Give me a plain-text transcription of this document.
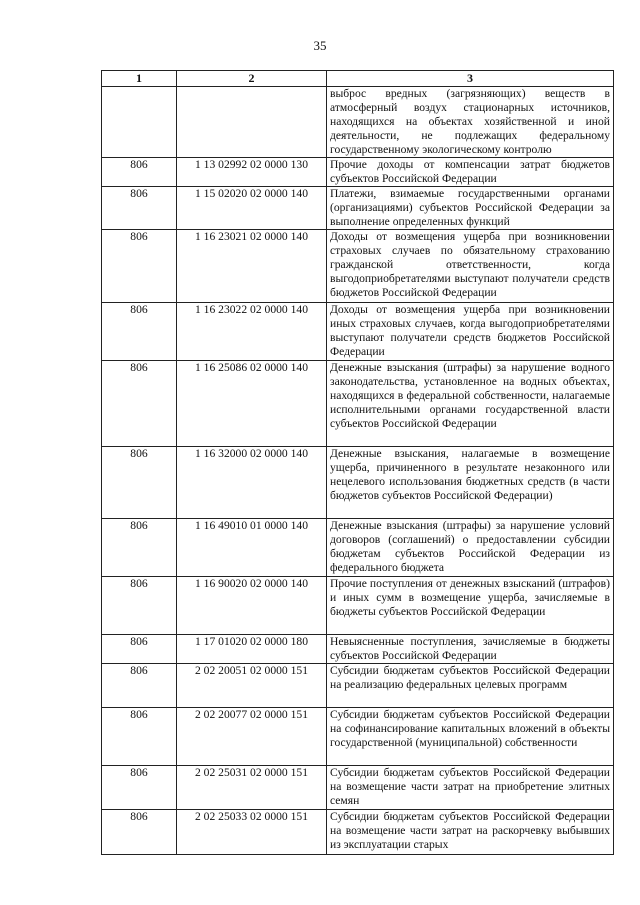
35
1	2	3
		выброс вредных (загрязняющих) веществ в атмосферный воздух стационарных источников, находящихся на объектах хозяйственной и иной деятельности, не подлежащих федеральному государственному экологическому контролю
806	1 13 02992 02 0000 130	Прочие доходы от компенсации затрат бюджетов субъектов Российской Федерации
806	1 15 02020 02 0000 140	Платежи, взимаемые государственными органами (организациями) субъектов Российской Федерации за выполнение определенных функций
806	1 16 23021 02 0000 140	Доходы от возмещения ущерба при возникновении страховых случаев по обязательному страхованию гражданской ответственности, когда выгодоприобретателями выступают получатели средств бюджетов Российской Федерации
806	1 16 23022 02 0000 140	Доходы от возмещения ущерба при возникновении иных страховых случаев, когда выгодоприобретателями выступают получатели средств бюджетов Российской Федерации
806	1 16 25086 02 0000 140	Денежные взыскания (штрафы) за нарушение водного законодательства, установленное на водных объектах, находящихся в федеральной собственности, налагаемые исполнительными органами государственной власти субъектов Российской Федерации
806	1 16 32000 02 0000 140	Денежные взыскания, налагаемые в возмещение ущерба, причиненного в результате незаконного или нецелевого использования бюджетных средств (в части бюджетов субъектов Российской Федерации)
806	1 16 49010 01 0000 140	Денежные взыскания (штрафы) за нарушение условий договоров (соглашений) о предоставлении субсидии бюджетам субъектов Российской Федерации из федерального бюджета
806	1 16 90020 02 0000 140	Прочие поступления от денежных взысканий (штрафов) и иных сумм в возмещение ущерба, зачисляемые в бюджеты субъектов Российской Федерации
806	1 17 01020 02 0000 180	Невыясненные поступления, зачисляемые в бюджеты субъектов Российской Федерации
806	2 02 20051 02 0000 151	Субсидии бюджетам субъектов Российской Федерации на реализацию федеральных целевых программ
806	2 02 20077 02 0000 151	Субсидии бюджетам субъектов Российской Федерации на софинансирование капитальных вложений в объекты государственной (муниципальной) собственности
806	2 02 25031 02 0000 151	Субсидии бюджетам субъектов Российской Федерации на возмещение части затрат на приобретение элитных семян
806	2 02 25033 02 0000 151	Субсидии бюджетам субъектов Российской Федерации на возмещение части затрат на раскорчевку выбывших из эксплуатации старых
